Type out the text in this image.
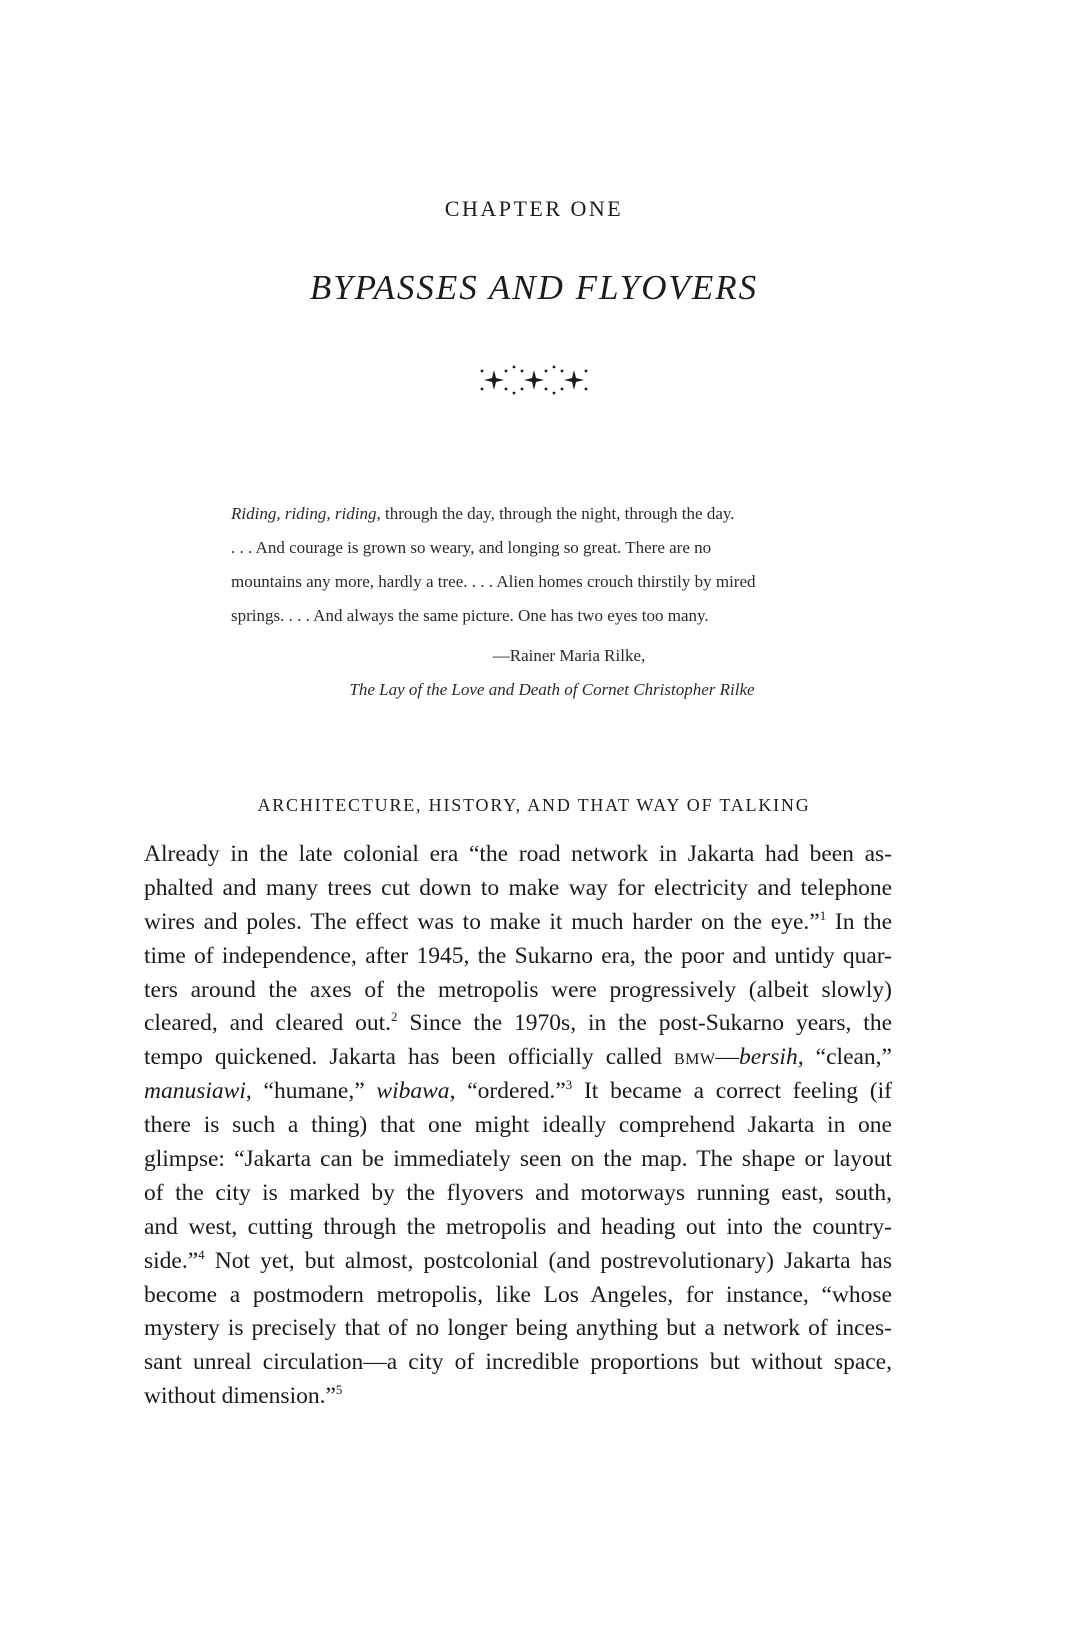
CHAPTER ONE
BYPASSES AND FLYOVERS
Riding, riding, riding, through the day, through the night, through the day.
. . . And courage is grown so weary, and longing so great. There are no
mountains any more, hardly a tree. . . . Alien homes crouch thirstily by mired
springs. . . . And always the same picture. One has two eyes too many.
—Rainer Maria Rilke,
The Lay of the Love and Death of Cornet Christopher Rilke
ARCHITECTURE, HISTORY, AND THAT WAY OF TALKING
Already in the late colonial era “the road network in Jakarta had been as-
phalted and many trees cut down to make way for electricity and telephone
wires and poles. The effect was to make it much harder on the eye.”$^1$ In the
time of independence, after 1945, the Sukarno era, the poor and untidy quar-
ters around the axes of the metropolis were progressively (albeit slowly)
cleared, and cleared out.$^2$ Since the 1970s, in the post-Sukarno years, the
tempo quickened. Jakarta has been officially called bmw—bersih, “clean,”
manusiawi, “humane,” wibawa, “ordered.”$^3$ It became a correct feeling (if
there is such a thing) that one might ideally comprehend Jakarta in one
glimpse: “Jakarta can be immediately seen on the map. The shape or layout
of the city is marked by the flyovers and motorways running east, south,
and west, cutting through the metropolis and heading out into the country-
side.”$^4$ Not yet, but almost, postcolonial (and postrevolutionary) Jakarta has
become a postmodern metropolis, like Los Angeles, for instance, “whose
mystery is precisely that of no longer being anything but a network of inces-
sant unreal circulation—a city of incredible proportions but without space,
without dimension.”$^5$
